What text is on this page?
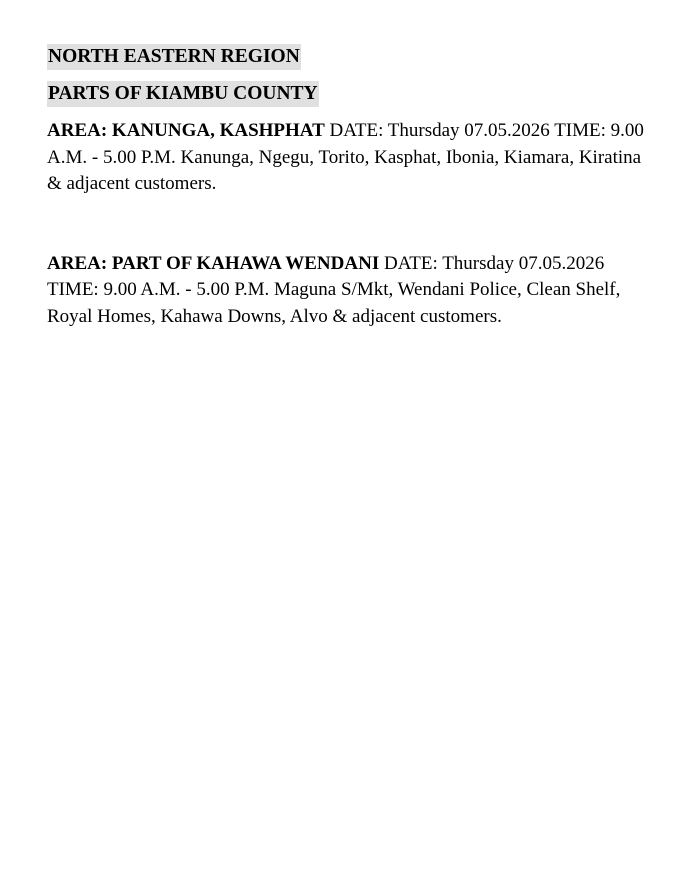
NORTH EASTERN REGION
PARTS OF KIAMBU COUNTY

AREA: KANUNGA, KASHPHAT DATE: Thursday 07.05.2026 TIME: 9.00 A.M. - 5.00 P.M. Kanunga, Ngegu, Torito, Kasphat, Ibonia, Kiamara, Kiratina & adjacent customers.

AREA: PART OF KAHAWA WENDANI DATE: Thursday 07.05.2026 TIME: 9.00 A.M. - 5.00 P.M. Maguna S/Mkt, Wendani Police, Clean Shelf, Royal Homes, Kahawa Downs, Alvo & adjacent customers.
